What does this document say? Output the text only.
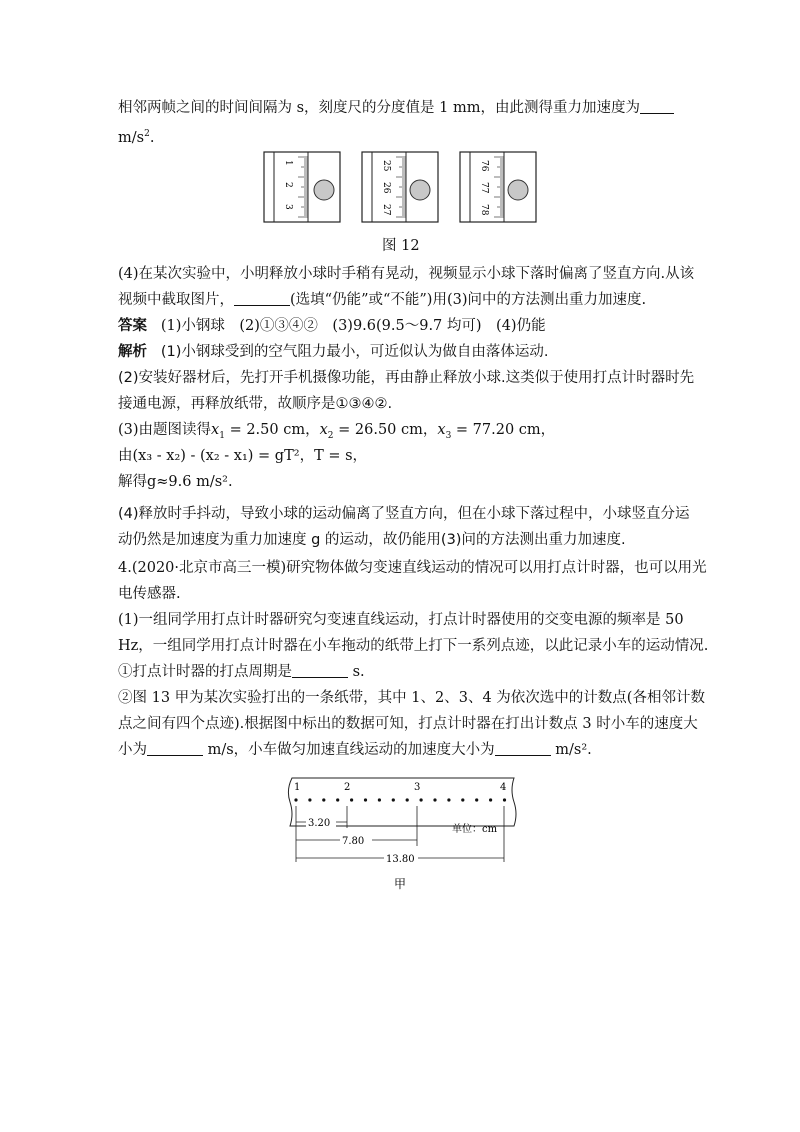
相邻两帧之间的时间间隔为 s，刻度尺的分度值是 1 mm，由此测得重力加速度为
$m/s^2$.
1
2
3
25
26
27
76
77
78
图 12
(4)在某次实验中，小明释放小球时手稍有晃动，视频显示小球下落时偏离了竖直方向.从该
视频中截取图片，	(选填“仍能”或“不能”)用(3)问中的方法测出重力加速度.
答案 (1)小钢球　(2)①③④②　(3)9.6(9.5～9.7 均可)　(4)仍能
解析 (1)小钢球受到的空气阻力最小，可近似认为做自由落体运动.
(2)安装好器材后，先打开手机摄像功能，再由静止释放小球.这类似于使用打点计时器时先
接通电源，再释放纸带，故顺序是①③④②.
(3)由题图读得$x_1 = 2.50$ cm，$x_2 = 26.50$ cm，$x_3 = 77.20$ cm，
由(x₃ - x₂) - (x₂ - x₁) = gT²，T = s，
解得g≈9.6 m/s².
(4)释放时手抖动，导致小球的运动偏离了竖直方向，但在小球下落过程中，小球竖直分运
动仍然是加速度为重力加速度 g 的运动，故仍能用(3)问的方法测出重力加速度.
4.(2020·北京市高三一模)研究物体做匀变速直线运动的情况可以用打点计时器，也可以用光
电传感器.
(1)一组同学用打点计时器研究匀变速直线运动，打点计时器使用的交变电源的频率是 50
Hz，一组同学用打点计时器在小车拖动的纸带上打下一系列点迹，以此记录小车的运动情况.
①打点计时器的打点周期是	s.
②图 13 甲为某次实验打出的一条纸带，其中 1、2、3、4 为依次选中的计数点(各相邻计数
点之间有四个点迹).根据图中标出的数据可知，打点计时器在打出计数点 3 时小车的速度大
小为	m/s，小车做匀加速直线运动的加速度大小为	m/s².
1	2	3	4
单位：cm
3.20
7.80
13.80
甲
